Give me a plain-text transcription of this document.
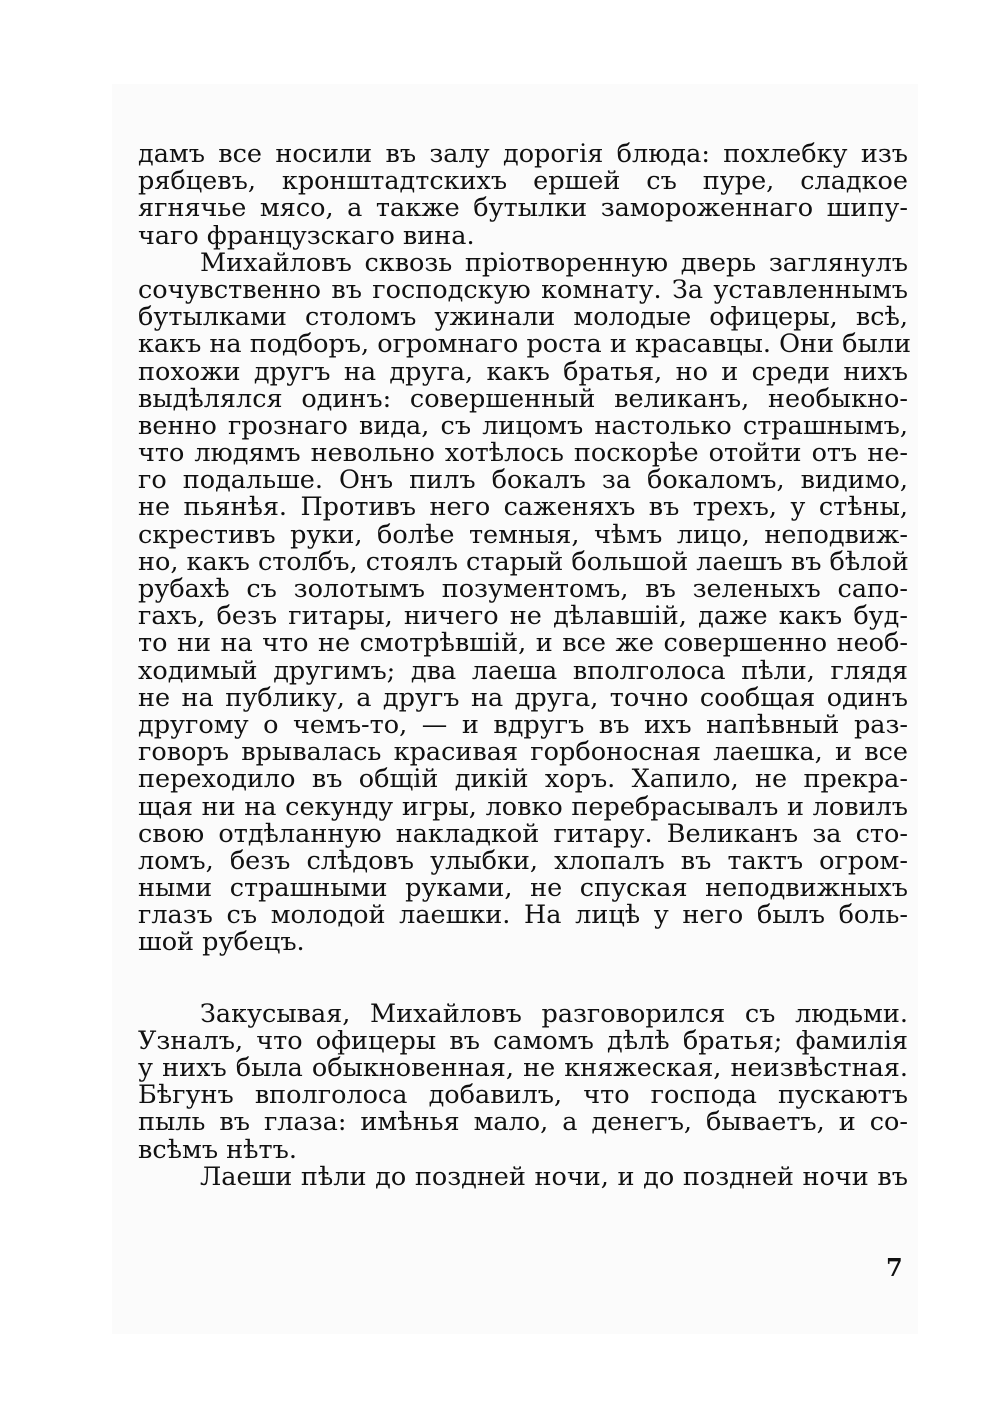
дамъ все носили въ залу дорогiя блюда: похлебку изъ
рябцевъ, кронштадтскихъ ершей съ пуре, сладкое
ягнячье мясо, а также бутылки замороженнаго шипу-
чаго французскаго вина.
Михайловъ сквозь прiотворенную дверь заглянулъ
сочувственно въ господскую комнату. За уставленнымъ
бутылками столомъ ужинали молодые офицеры, всѣ,
какъ на подборъ, огромнаго роста и красавцы. Они были
похожи другъ на друга, какъ братья, но и среди нихъ
выдѣлялся одинъ: совершенный великанъ, необыкно-
венно грознаго вида, съ лицомъ настолько страшнымъ,
что людямъ невольно хотѣлось поскорѣе отойти отъ не-
го подальше. Онъ пилъ бокалъ за бокаломъ, видимо,
не пьянѣя. Противъ него саженяхъ въ трехъ, у стѣны,
скрестивъ руки, болѣе темныя, чѣмъ лицо, неподвиж-
но, какъ столбъ, стоялъ старый большой лаешъ въ бѣлой
рубахѣ съ золотымъ позументомъ, въ зеленыхъ сапо-
гахъ, безъ гитары, ничего не дѣлавшiй, даже какъ буд-
то ни на что не смотрѣвшiй, и все же совершенно необ-
ходимый другимъ; два лаеша вполголоса пѣли, глядя
не на публику, а другъ на друга, точно сообщая одинъ
другому о чемъ-то, — и вдругъ въ ихъ напѣвный раз-
говоръ врывалась красивая горбоносная лаешка, и все
переходило въ общiй дикiй хоръ. Хапило, не прекра-
щая ни на секунду игры, ловко перебрасывалъ и ловилъ
свою отдѣланную накладкой гитару. Великанъ за сто-
ломъ, безъ слѣдовъ улыбки, хлопалъ въ тактъ огром-
ными страшными руками, не спуская неподвижныхъ
глазъ съ молодой лаешки. На лицѣ у него былъ боль-
шой рубецъ.
Закусывая, Михайловъ разговорился съ людьми.
Узналъ, что офицеры въ самомъ дѣлѣ братья; фамилiя
у нихъ была обыкновенная, не княжеская, неизвѣстная.
Бѣгунъ вполголоса добавилъ, что господа пускаютъ
пыль въ глаза: имѣнья мало, а денегъ, бываетъ, и со-
всѣмъ нѣтъ.
Лаеши пѣли до поздней ночи, и до поздней ночи въ
7
